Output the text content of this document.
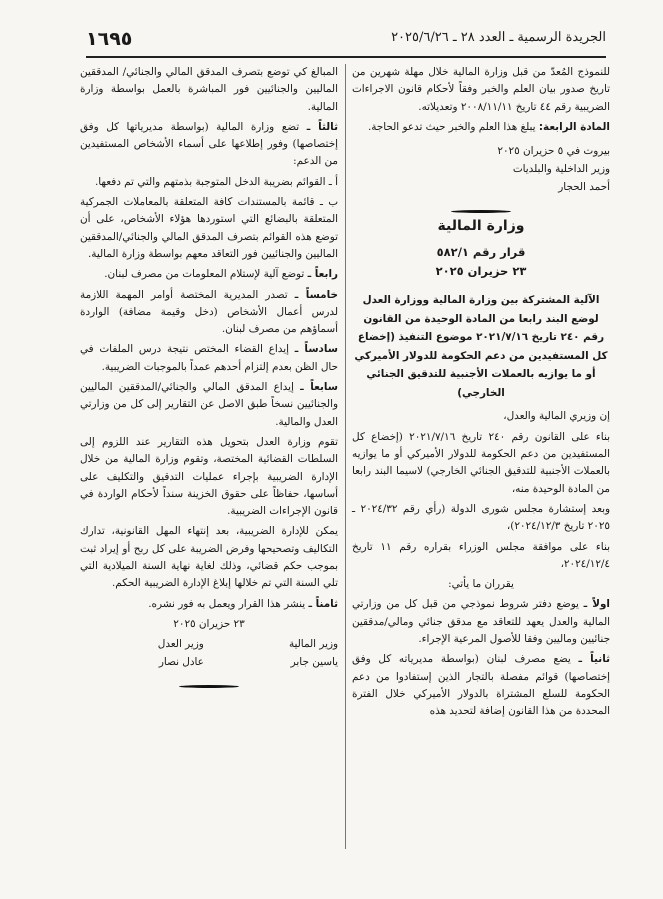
الجريدة الرسمية ـ العدد ٢٨ ـ ٢٠٢٥/٦/٢٦
١٦٩٥

للنموذج المُعدّ من قبل وزارة المالية خلال مهلة شهرين من تاريخ صدور بيان العلم والخبر وفقاً لأحكام قانون الاجراءات الضريبية رقم ٤٤ تاريخ ٢٠٠٨/١١/١١ وتعديلاته.

المادة الرابعة: يبلغ هذا العلم والخبر حيث تدعو الحاجة.

بيروت في ٥ حزيران ٢٠٢٥
وزير الداخلية والبلديات
أحمد الحجار
وزارة المالية
قرار رقم ٥٨٢/١
٢٣ حزيران ٢٠٢٥
الآلية المشتركة بين وزارة المالية ووزارة العدل لوضع البند رابعا من المادة الوحيدة من القانون رقم ٢٤٠ تاريخ ٢٠٢١/٧/١٦ موضوع التنفيذ (إخضاع كل المستفيدين من دعم الحكومة للدولار الأميركي أو ما يوازيه بالعملات الأجنبية للتدقيق الجنائي الخارجي)

إن وزيري المالية والعدل،

بناء على القانون رقم ٢٤٠ تاريخ ٢٠٢١/٧/١٦ (إخضاع كل المستفيدين من دعم الحكومة للدولار الأميركي أو ما يوازيه بالعملات الأجنبية للتدقيق الجنائي الخارجي) لاسيما البند رابعا من المادة الوحيدة منه،

وبعد إستشارة مجلس شورى الدولة (رأي رقم ٢٠٢٤/٣٢ ـ ٢٠٢٥ تاريخ ٢٠٢٤/١٢/٣)،

بناء على موافقة مجلس الوزراء بقراره رقم ١١ تاريخ ٢٠٢٤/١٢/٤،

يقرران ما يأتي:

اولاً ـ يوضع دفتر شروط نموذجي من قبل كل من وزارتي المالية والعدل يعهد للتعاقد مع مدقق جنائي ومالي/مدققين جنائيين وماليين وفقا للأصول المرعية الإجراء.

ثانياً ـ يضع مصرف لبنان (بواسطة مديرياته كل وفق إختصاصها) قوائم مفصلة بالتجار الذين إستفادوا من دعم الحكومة للسلع المشتراة بالدولار الأميركي خلال الفترة المحددة من هذا القانون إضافة لتحديد هذه

المبالغ كي توضع بتصرف المدقق المالي والجنائي/ المدققين الماليين والجنائيين فور المباشرة بالعمل بواسطة وزارة المالية.

ثالثاً ـ تضع وزارة المالية (بواسطة مديرياتها كل وفق إختصاصها) وفور إطلاعها على أسماء الأشخاص المستفيدين من الدعم:

أ ـ القوائم بضريبة الدخل المتوجبة بذمتهم والتي تم دفعها.

ب ـ قائمة بالمستندات كافة المتعلقة بالمعاملات الجمركية المتعلقة بالبضائع التي استوردها هؤلاء الأشخاص، على أن توضع هذه القوائم بتصرف المدقق المالي والجنائي/المدققين الماليين والجنائيين فور التعاقد معهم بواسطة وزارة المالية.

رابعاً ـ توضع آلية لإستلام المعلومات من مصرف لبنان.

خامساً ـ تصدر المديرية المختصة أوامر المهمة اللازمة لدرس أعمال الأشخاص (دخل وقيمة مضافة) الواردة أسماؤهم من مصرف لبنان.

سادساً ـ إيداع القضاء المختص نتيجة درس الملفات في حال الظن بعدم إلتزام أحدهم عمداً بالموجبات الضريبية.

سابعاً ـ إيداع المدقق المالي والجنائي/المدققين الماليين والجنائيين نسخاً طبق الاصل عن التقارير إلى كل من وزارتي العدل والمالية.

تقوم وزارة العدل بتحويل هذه التقارير عند اللزوم إلى السلطات القضائية المختصة، وتقوم وزارة المالية من خلال الإدارة الضريبية بإجراء عمليات التدقيق والتكليف على أساسها، حفاظاً على حقوق الخزينة سنداً لأحكام الواردة في قانون الإجراءات الضريبية.

يمكن للإدارة الضريبية، بعد إنتهاء المهل القانونية، تدارك التكاليف وتصحيحها وفرض الضريبة على كل ربح أو إيراد ثبت بموجب حكم قضائي، وذلك لغاية نهاية السنة الميلادية التي تلي السنة التي تم خلالها إبلاغ الإدارة الضريبية الحكم.

ثامناً ـ ينشر هذا القرار ويعمل به فور نشره.

٢٣ حزيران ٢٠٢٥

وزير المالية
ياسين جابر
وزير العدل
عادل نصار
